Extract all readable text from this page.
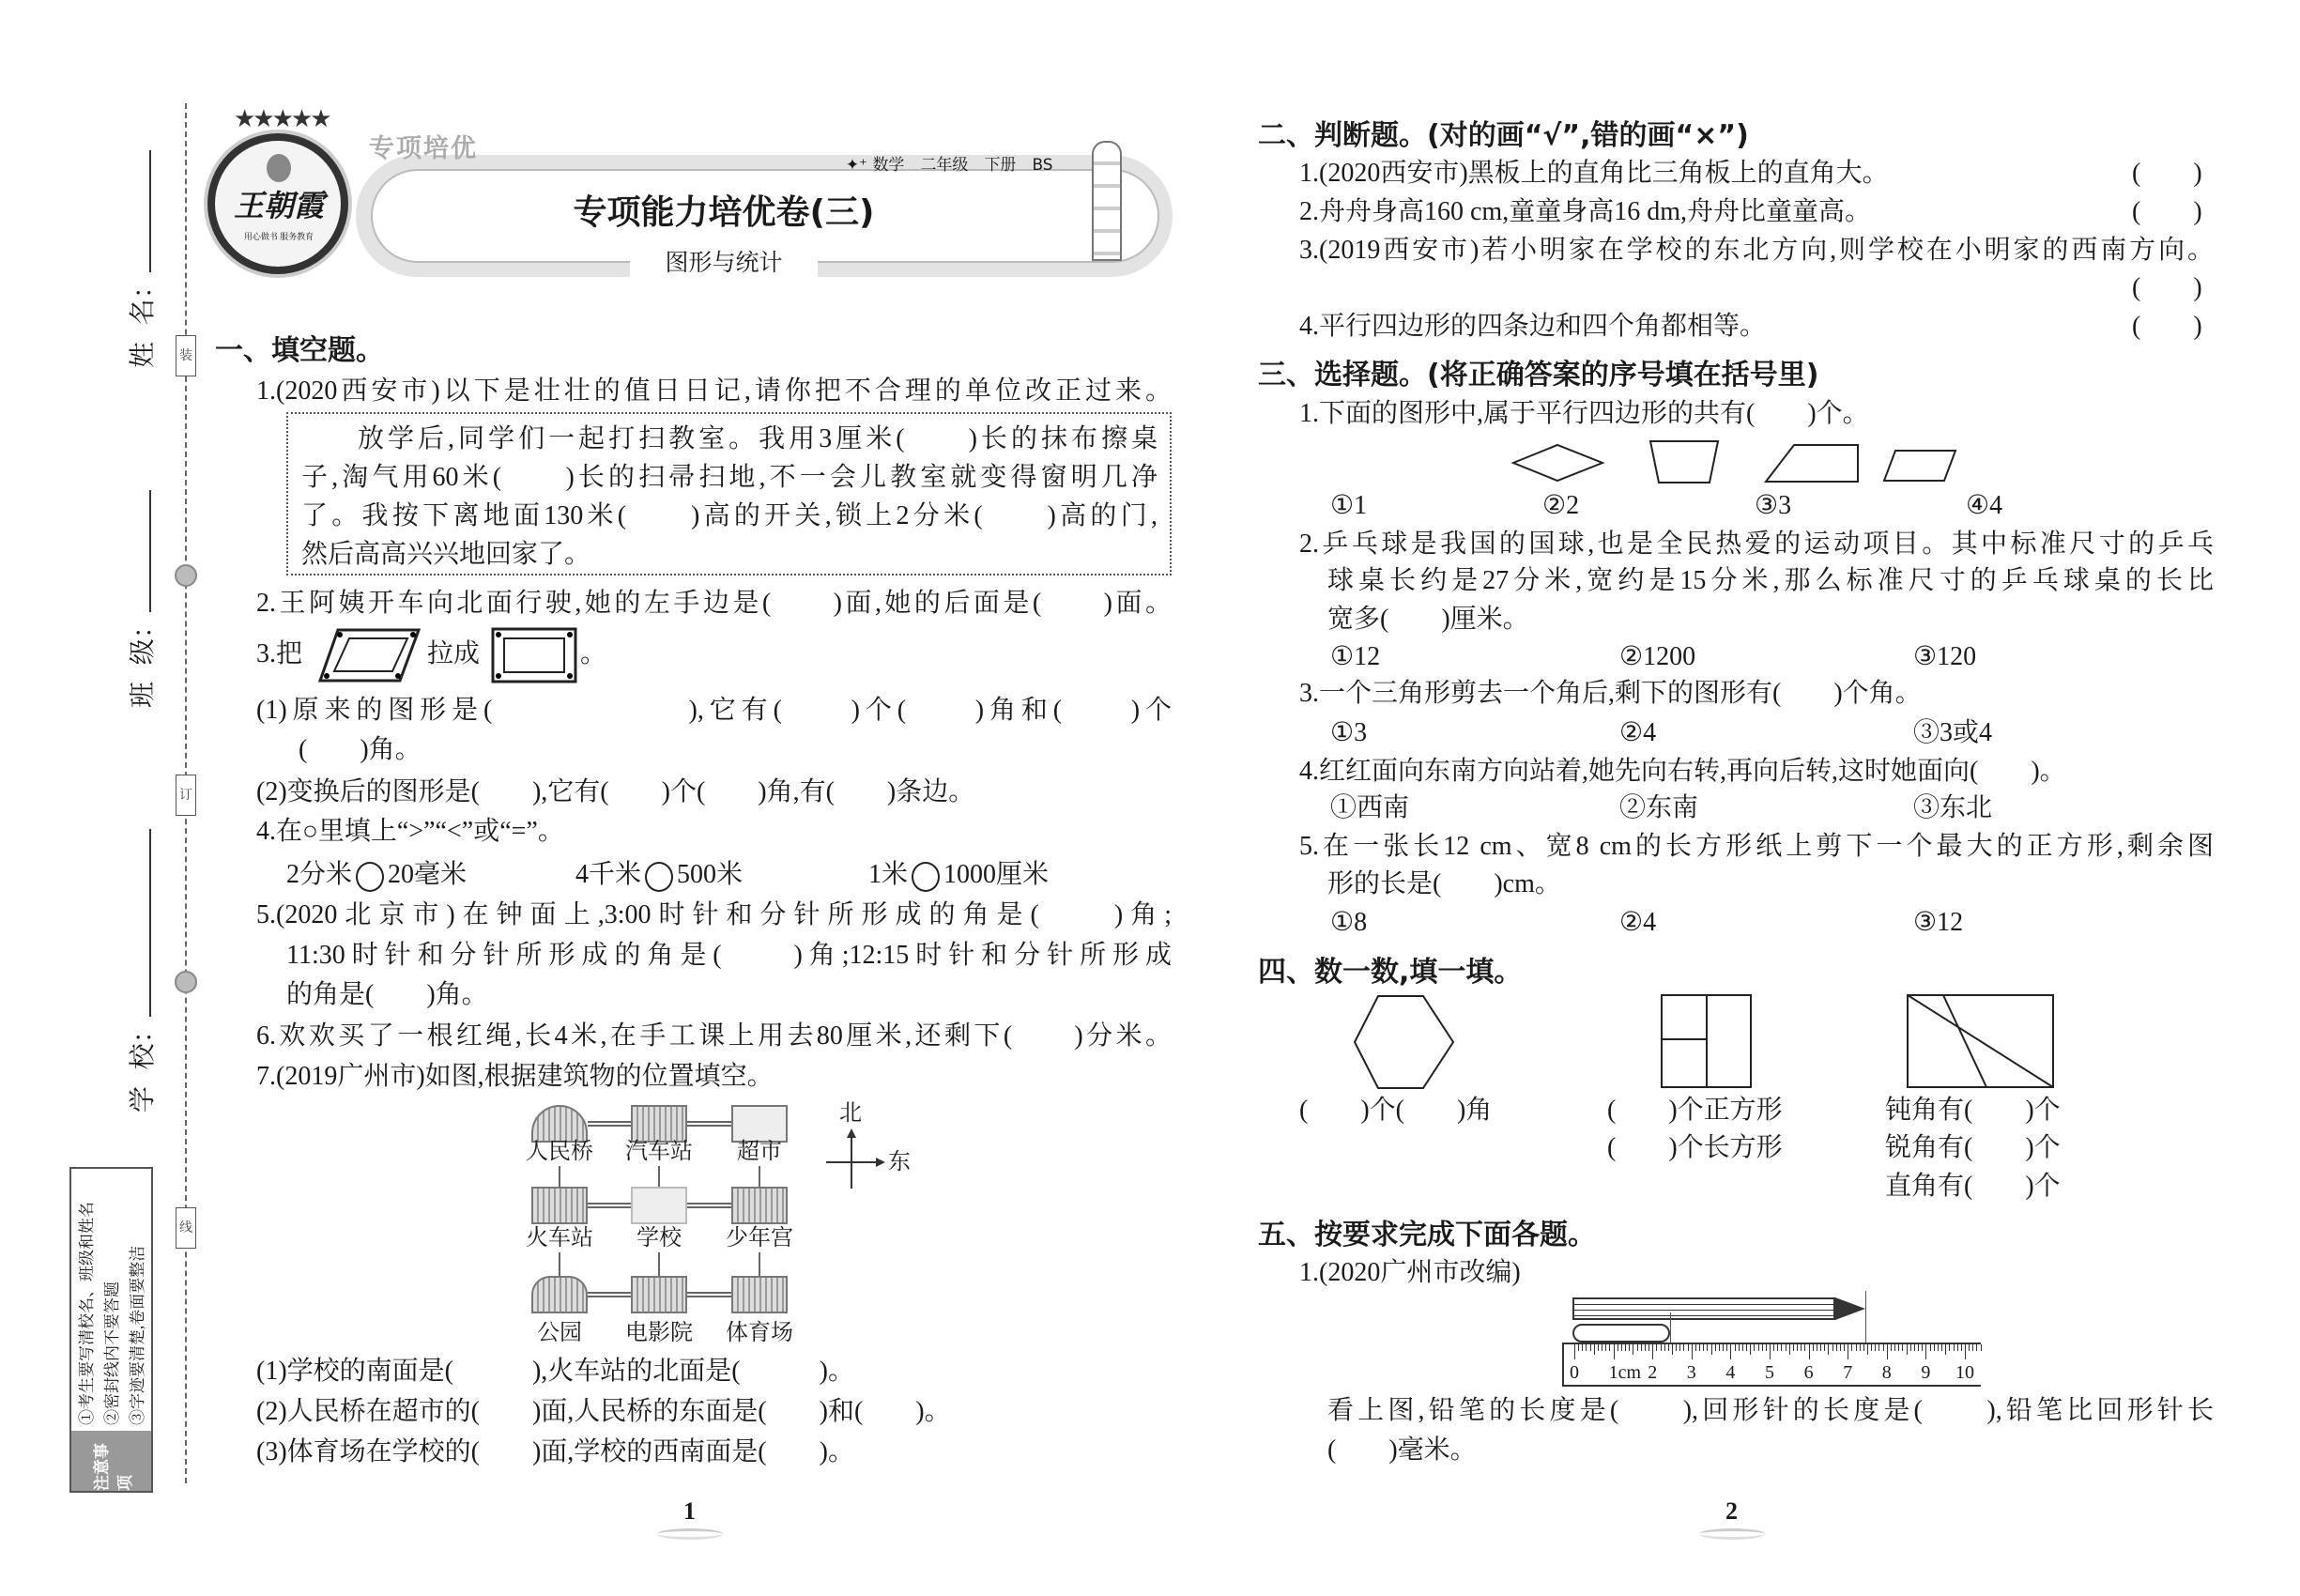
姓  名：
班  级：
学  校：
装
订
线
注意事项
①考生要写清校名、班级和姓名 ②密封线内不要答题 ③字迹要清楚,卷面要整洁
★★★★★
王朝霞
用心做书 服务教育
专项培优

✦⁺ 数学　 二年级　 下册　 BS

专项能力培优卷(三)
图形与统计
一、填空题。
1.(2020西安市)以下是壮壮的值日日记,请你把不合理的单位改正过来。
放学后,同学们一起打扫教室。我用3厘米(　　)长的抹布擦桌
子,淘气用60米(　　)长的扫帚扫地,不一会儿教室就变得窗明几净
了。我按下离地面130米(　　)高的开关,锁上2分米(　　)高的门,
然后高高兴兴地回家了。
2.王阿姨开车向北面行驶,她的左手边是(　　)面,她的后面是(　　)面。
3.把	拉成	。
(1)原来的图形是(　　　　　　),它有(　　)个(　　)角和(　　)个
(　　)角。
(2)变换后的图形是(　　),它有(　　)个(　　)角,有(　　)条边。
4.在○里填上“>”“<”或“=”。
2分米 20毫米	4千米 500米	1米 1000厘米
5.(2020北京市)在钟面上,3:00时针和分针所形成的角是(　　)角;
11:30时针和分针所形成的角是(　　)角;12:15时针和分针所形成
的角是(　　)角。
6.欢欢买了一根红绳,长4米,在手工课上用去80厘米,还剩下(　　)分米。
7.(2019广州市)如图,根据建筑物的位置填空。
人民桥	汽车站	超市
火车站	学校	少年宫
公园	电影院	体育场
北
东
(1)学校的南面是(　　　),火车站的北面是(　　　)。
(2)人民桥在超市的(　　)面,人民桥的东面是(　　)和(　　)。
(3)体育场在学校的(　　)面,学校的西南面是(　　)。
1
二、判断题。(对的画“√”,错的画“×”)
1.(2020西安市)黑板上的直角比三角板上的直角大。	(　　)
2.舟舟身高160 cm,童童身高16 dm,舟舟比童童高。	(　　)
3.(2019西安市)若小明家在学校的东北方向,则学校在小明家的西南方向。
(　　)
4.平行四边形的四条边和四个角都相等。	(　　)
三、选择题。(将正确答案的序号填在括号里)
1.下面的图形中,属于平行四边形的共有(　　)个。
①1	②2	③3	④4
2.乒乓球是我国的国球,也是全民热爱的运动项目。其中标准尺寸的乒乓
球桌长约是27分米,宽约是15分米,那么标准尺寸的乒乓球桌的长比
宽多(　　)厘米。
①12	②1200	③120
3.一个三角形剪去一个角后,剩下的图形有(　　)个角。
①3	②4	③3或4
4.红红面向东南方向站着,她先向右转,再向后转,这时她面向(　　)。
①西南	②东南	③东北
5.在一张长12 cm、宽8 cm的长方形纸上剪下一个最大的正方形,剩余图
形的长是(　　)cm。
①8	②4	③12
四、数一数,填一填。
(　　)个(　　)角	(　　)个正方形
(　　)个长方形
钝角有(　　)个
锐角有(　　)个
直角有(　　)个
五、按要求完成下面各题。
1.(2020广州市改编)
0	1cm 2	3	4	5	6	7	8	9	10
看上图,铅笔的长度是(　　),回形针的长度是(　　),铅笔比回形针长
(　　)毫米。
2
